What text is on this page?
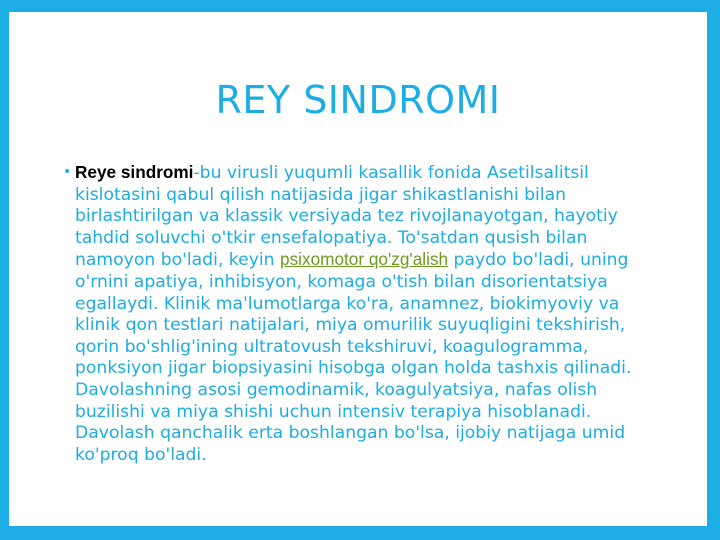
REY SINDROMI
• Reye sindromi-bu virusli yuqumli kasallik fonida Asetilsalitsil kislotasini qabul qilish natijasida jigar shikastlanishi bilan birlashtirilgan va klassik versiyada tez rivojlanayotgan, hayotiy tahdid soluvchi o'tkir ensefalopatiya. To'satdan qusish bilan namoyon bo'ladi, keyin psixomotor qo'zg'alish paydo bo'ladi, uning o'rnini apatiya, inhibisyon, komaga o'tish bilan disorientatsiya egallaydi. Klinik ma'lumotlarga ko'ra, anamnez, biokimyoviy va klinik qon testlari natijalari, miya omurilik suyuqligini tekshirish, qorin bo'shlig'ining ultratovush tekshiruvi, koagulogramma, ponksiyon jigar biopsiyasini hisobga olgan holda tashxis qilinadi. Davolashning asosi gemodinamik, koagulyatsiya, nafas olish buzilishi va miya shishi uchun intensiv terapiya hisoblanadi. Davolash qanchalik erta boshlangan bo'lsa, ijobiy natijaga umid ko'proq bo'ladi.
